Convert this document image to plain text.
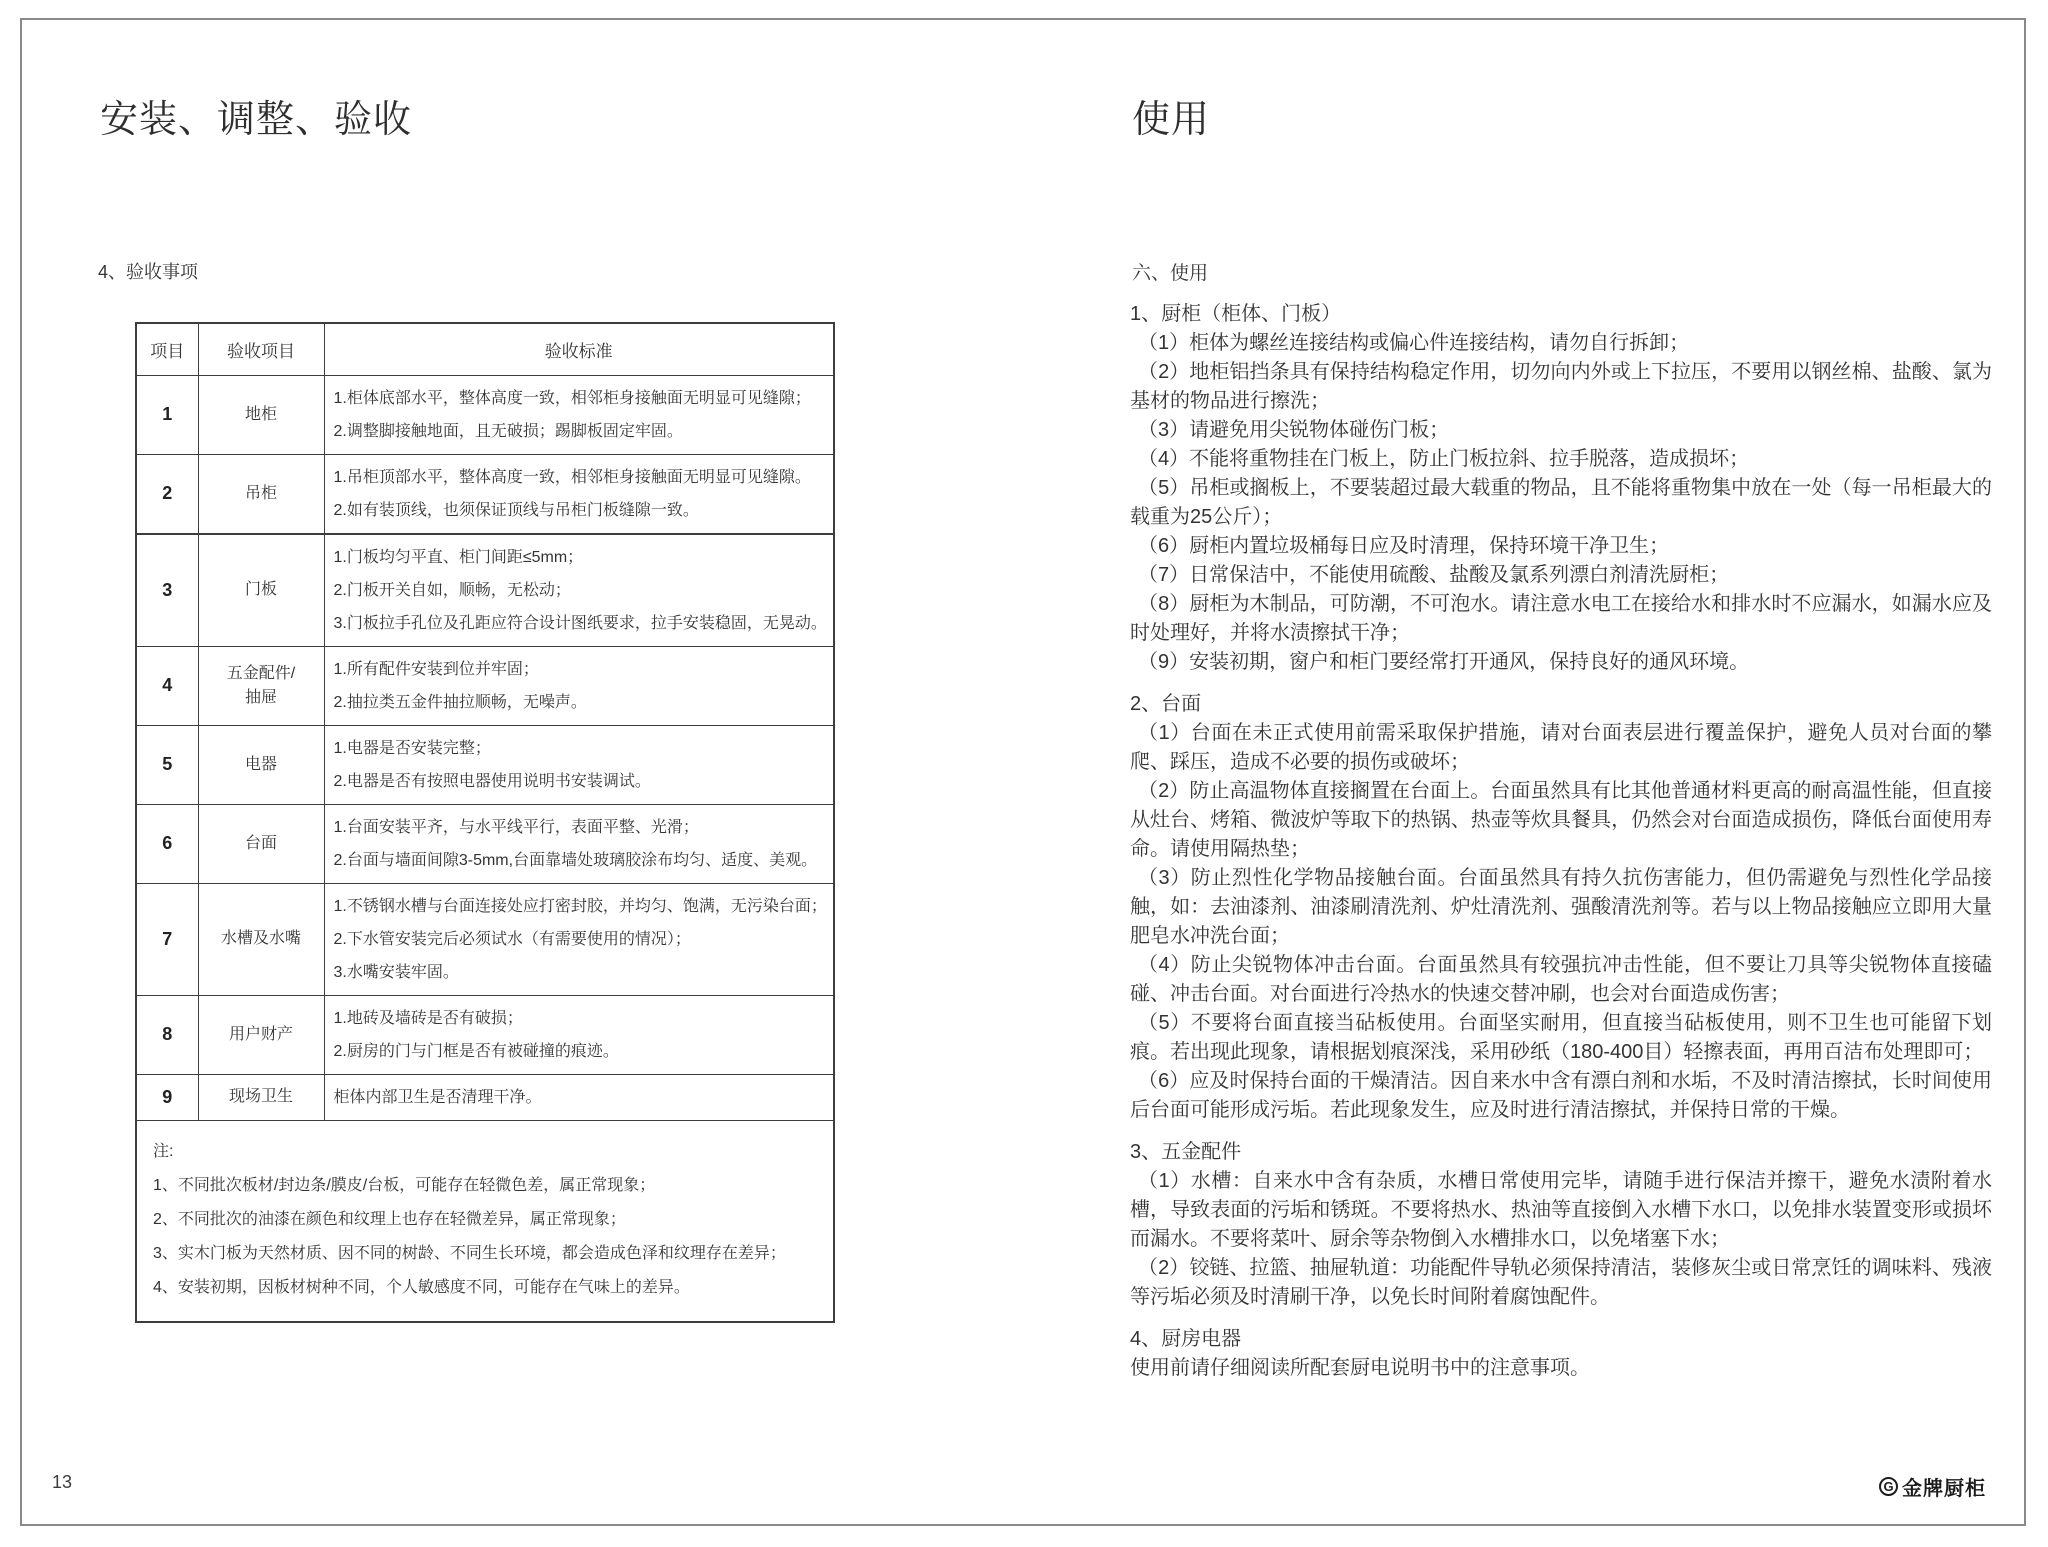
安装、调整、验收
4、验收事项
项目	验收项目	验收标准
1	地柜	1.柜体底部水平，整体高度一致，相邻柜身接触面无明显可见缝隙；
2.调整脚接触地面，且无破损；踢脚板固定牢固。

2	吊柜	1.吊柜顶部水平，整体高度一致，相邻柜身接触面无明显可见缝隙。
2.如有装顶线，也须保证顶线与吊柜门板缝隙一致。

3	门板	1.门板均匀平直、柜门间距≤5mm；
2.门板开关自如，顺畅，无松动；
3.门板拉手孔位及孔距应符合设计图纸要求，拉手安装稳固，无晃动。

4	五金配件/
抽屉	
1.所有配件安装到位并牢固；
2.抽拉类五金件抽拉顺畅，无噪声。

5	电器	1.电器是否安装完整；
2.电器是否有按照电器使用说明书安装调试。

6	台面	1.台面安装平齐，与水平线平行，表面平整、光滑；
2.台面与墙面间隙3-5mm,台面靠墙处玻璃胶涂布均匀、适度、美观。

7	水槽及水嘴	1.不锈钢水槽与台面连接处应打密封胶，并均匀、饱满，无污染台面；
2.下水管安装完后必须试水（有需要使用的情况）；
3.水嘴安装牢固。

8	用户财产	1.地砖及墙砖是否有破损；
2.厨房的门与门框是否有被碰撞的痕迹。

9	现场卫生	柜体内部卫生是否清理干净。

注:
1、不同批次板材/封边条/膜皮/台板，可能存在轻微色差，属正常现象；
2、不同批次的油漆在颜色和纹理上也存在轻微差异，属正常现象；
3、实木门板为天然材质、因不同的树龄、不同生长环境，都会造成色泽和纹理存在差异；
4、安装初期，因板材树种不同，个人敏感度不同，可能存在气味上的差异。		
13
使用
六、使用
1、厨柜（柜体、门板）

（1）柜体为螺丝连接结构或偏心件连接结构，请勿自行拆卸；

（2）地柜铝挡条具有保持结构稳定作用，切勿向内外或上下拉压，不要用以钢丝棉、盐酸、氯为基材的物品进行擦洗；

（3）请避免用尖锐物体碰伤门板；

（4）不能将重物挂在门板上，防止门板拉斜、拉手脱落，造成损坏；

（5）吊柜或搁板上，不要装超过最大载重的物品，且不能将重物集中放在一处（每一吊柜最大的载重为25公斤）；

（6）厨柜内置垃圾桶每日应及时清理，保持环境干净卫生；

（7）日常保洁中，不能使用硫酸、盐酸及氯系列漂白剂清洗厨柜；

（8）厨柜为木制品，可防潮，不可泡水。请注意水电工在接给水和排水时不应漏水，如漏水应及时处理好，并将水渍擦拭干净；

（9）安装初期，窗户和柜门要经常打开通风，保持良好的通风环境。

2、台面

（1）台面在未正式使用前需采取保护措施，请对台面表层进行覆盖保护，避免人员对台面的攀爬、踩压，造成不必要的损伤或破坏；

（2）防止高温物体直接搁置在台面上。台面虽然具有比其他普通材料更高的耐高温性能，但直接从灶台、烤箱、微波炉等取下的热锅、热壶等炊具餐具，仍然会对台面造成损伤，降低台面使用寿命。请使用隔热垫；

（3）防止烈性化学物品接触台面。台面虽然具有持久抗伤害能力，但仍需避免与烈性化学品接触，如：去油漆剂、油漆刷清洗剂、炉灶清洗剂、强酸清洗剂等。若与以上物品接触应立即用大量肥皂水冲洗台面；

（4）防止尖锐物体冲击台面。台面虽然具有较强抗冲击性能，但不要让刀具等尖锐物体直接磕碰、冲击台面。对台面进行冷热水的快速交替冲刷，也会对台面造成伤害；

（5）不要将台面直接当砧板使用。台面坚实耐用，但直接当砧板使用，则不卫生也可能留下划痕。若出现此现象，请根据划痕深浅，采用砂纸（180-400目）轻擦表面，再用百洁布处理即可；

（6）应及时保持台面的干燥清洁。因自来水中含有漂白剂和水垢，不及时清洁擦拭，长时间使用后台面可能形成污垢。若此现象发生，应及时进行清洁擦拭，并保持日常的干燥。

3、五金配件

（1）水槽：自来水中含有杂质，水槽日常使用完毕，请随手进行保洁并擦干，避免水渍附着水槽，导致表面的污垢和锈斑。不要将热水、热油等直接倒入水槽下水口，以免排水装置变形或损坏而漏水。不要将菜叶、厨余等杂物倒入水槽排水口，以免堵塞下水；

（2）铰链、拉篮、抽屉轨道：功能配件导轨必须保持清洁，装修灰尘或日常烹饪的调味料、残液等污垢必须及时清刷干净，以免长时间附着腐蚀配件。

4、厨房电器

使用前请仔细阅读所配套厨电说明书中的注意事项。

G 金牌厨柜
